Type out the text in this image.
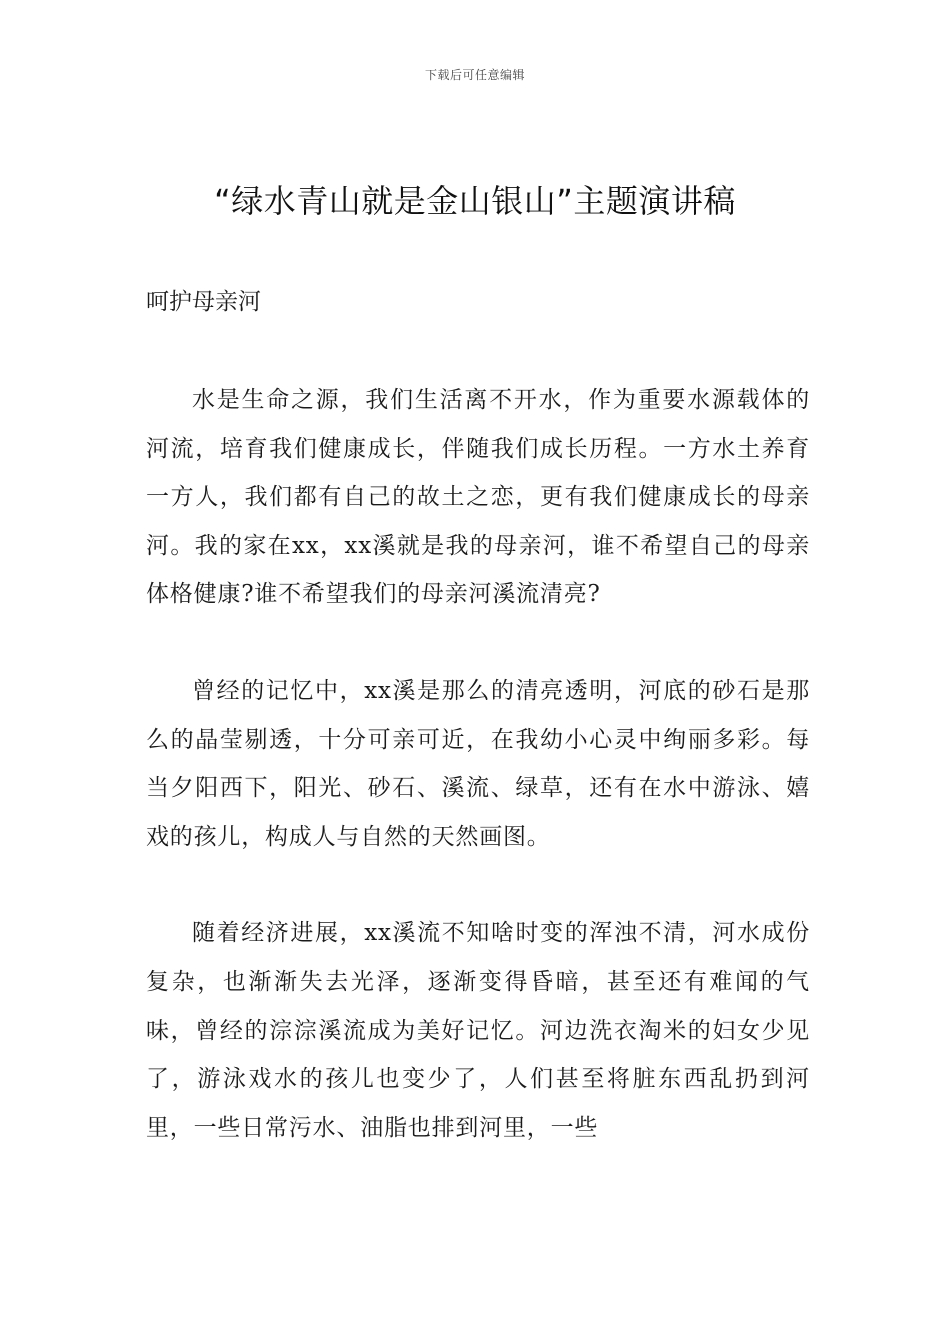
下载后可任意编辑
“绿水青山就是金山银山”主题演讲稿

呵护母亲河

水是生命之源，我们生活离不开水，作为重要水源载体的河流，培育我们健康成长，伴随我们成长历程。一方水土养育一方人，我们都有自己的故土之恋，更有我们健康成长的母亲河。我的家在xx，xx溪就是我的母亲河，谁不希望自己的母亲体格健康?谁不希望我们的母亲河溪流清亮?

曾经的记忆中，xx溪是那么的清亮透明，河底的砂石是那么的晶莹剔透，十分可亲可近，在我幼小心灵中绚丽多彩。每当夕阳西下，阳光、砂石、溪流、绿草，还有在水中游泳、嬉戏的孩儿，构成人与自然的天然画图。

随着经济进展，xx溪流不知啥时变的浑浊不清，河水成份复杂，也渐渐失去光泽，逐渐变得昏暗，甚至还有难闻的气味，曾经的淙淙溪流成为美好记忆。河边洗衣淘米的妇女少见了，游泳戏水的孩儿也变少了，人们甚至将脏东西乱扔到河里，一些日常污水、油脂也排到河里，一些
